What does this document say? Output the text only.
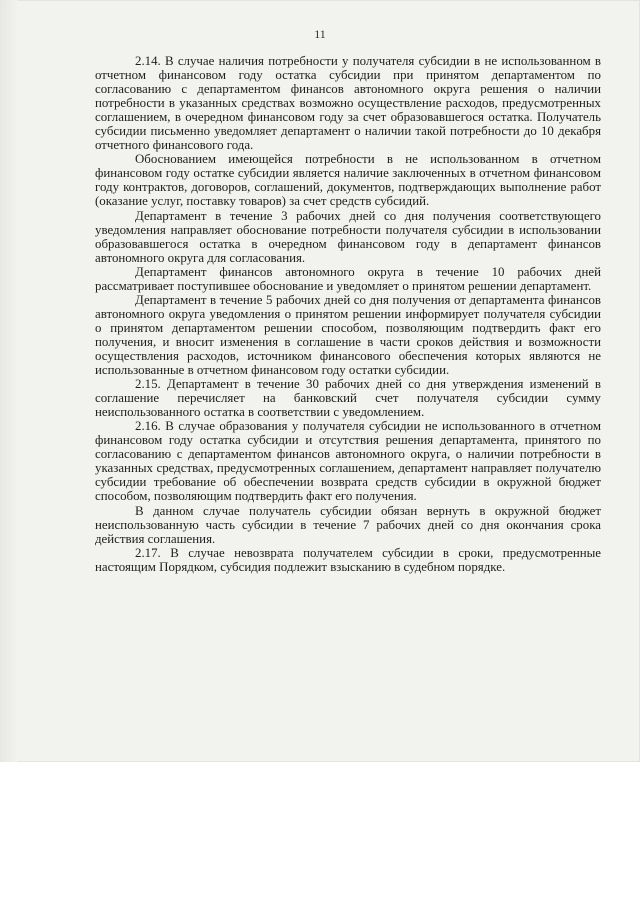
11

2.14. В случае наличия потребности у получателя субсидии в не использованном в отчетном финансовом году остатка субсидии при принятом департаментом по согласованию с департаментом финансов автономного округа решения о наличии потребности в указанных средствах возможно осуществление расходов, предусмотренных соглашением, в очередном финансовом году за счет образовавшегося остатка. Получатель субсидии письменно уведомляет департамент о наличии такой потребности до 10 декабря отчетного финансового года.

Обоснованием имеющейся потребности в не использованном в отчетном финансовом году остатке субсидии является наличие заключенных в отчетном финансовом году контрактов, договоров, соглашений, документов, подтверждающих выполнение работ (оказание услуг, поставку товаров) за счет средств субсидий.

Департамент в течение 3 рабочих дней со дня получения соответствующего уведомления направляет обоснование потребности получателя субсидии в использовании образовавшегося остатка в очередном финансовом году в департамент финансов автономного округа для согласования.

Департамент финансов автономного округа в течение 10 рабочих дней рассматривает поступившее обоснование и уведомляет о принятом решении департамент.

Департамент в течение 5 рабочих дней со дня получения от департамента финансов автономного округа уведомления о принятом решении информирует получателя субсидии о принятом департаментом решении способом, позволяющим подтвердить факт его получения, и вносит изменения в соглашение в части сроков действия и возможности осуществления расходов, источником финансового обеспечения которых являются не использованные в отчетном финансовом году остатки субсидии.

2.15. Департамент в течение 30 рабочих дней со дня утверждения изменений в соглашение перечисляет на банковский счет получателя субсидии сумму неиспользованного остатка в соответствии с уведомлением.

2.16. В случае образования у получателя субсидии не использованного в отчетном финансовом году остатка субсидии и отсутствия решения департамента, принятого по согласованию с департаментом финансов автономного округа, о наличии потребности в указанных средствах, предусмотренных соглашением, департамент направляет получателю субсидии требование об обеспечении возврата средств субсидии в окружной бюджет способом, позволяющим подтвердить факт его получения.

В данном случае получатель субсидии обязан вернуть в окружной бюджет неиспользованную часть субсидии в течение 7 рабочих дней со дня окончания срока действия соглашения.

2.17. В случае невозврата получателем субсидии в сроки, предусмотренные настоящим Порядком, субсидия подлежит взысканию в судебном порядке.
